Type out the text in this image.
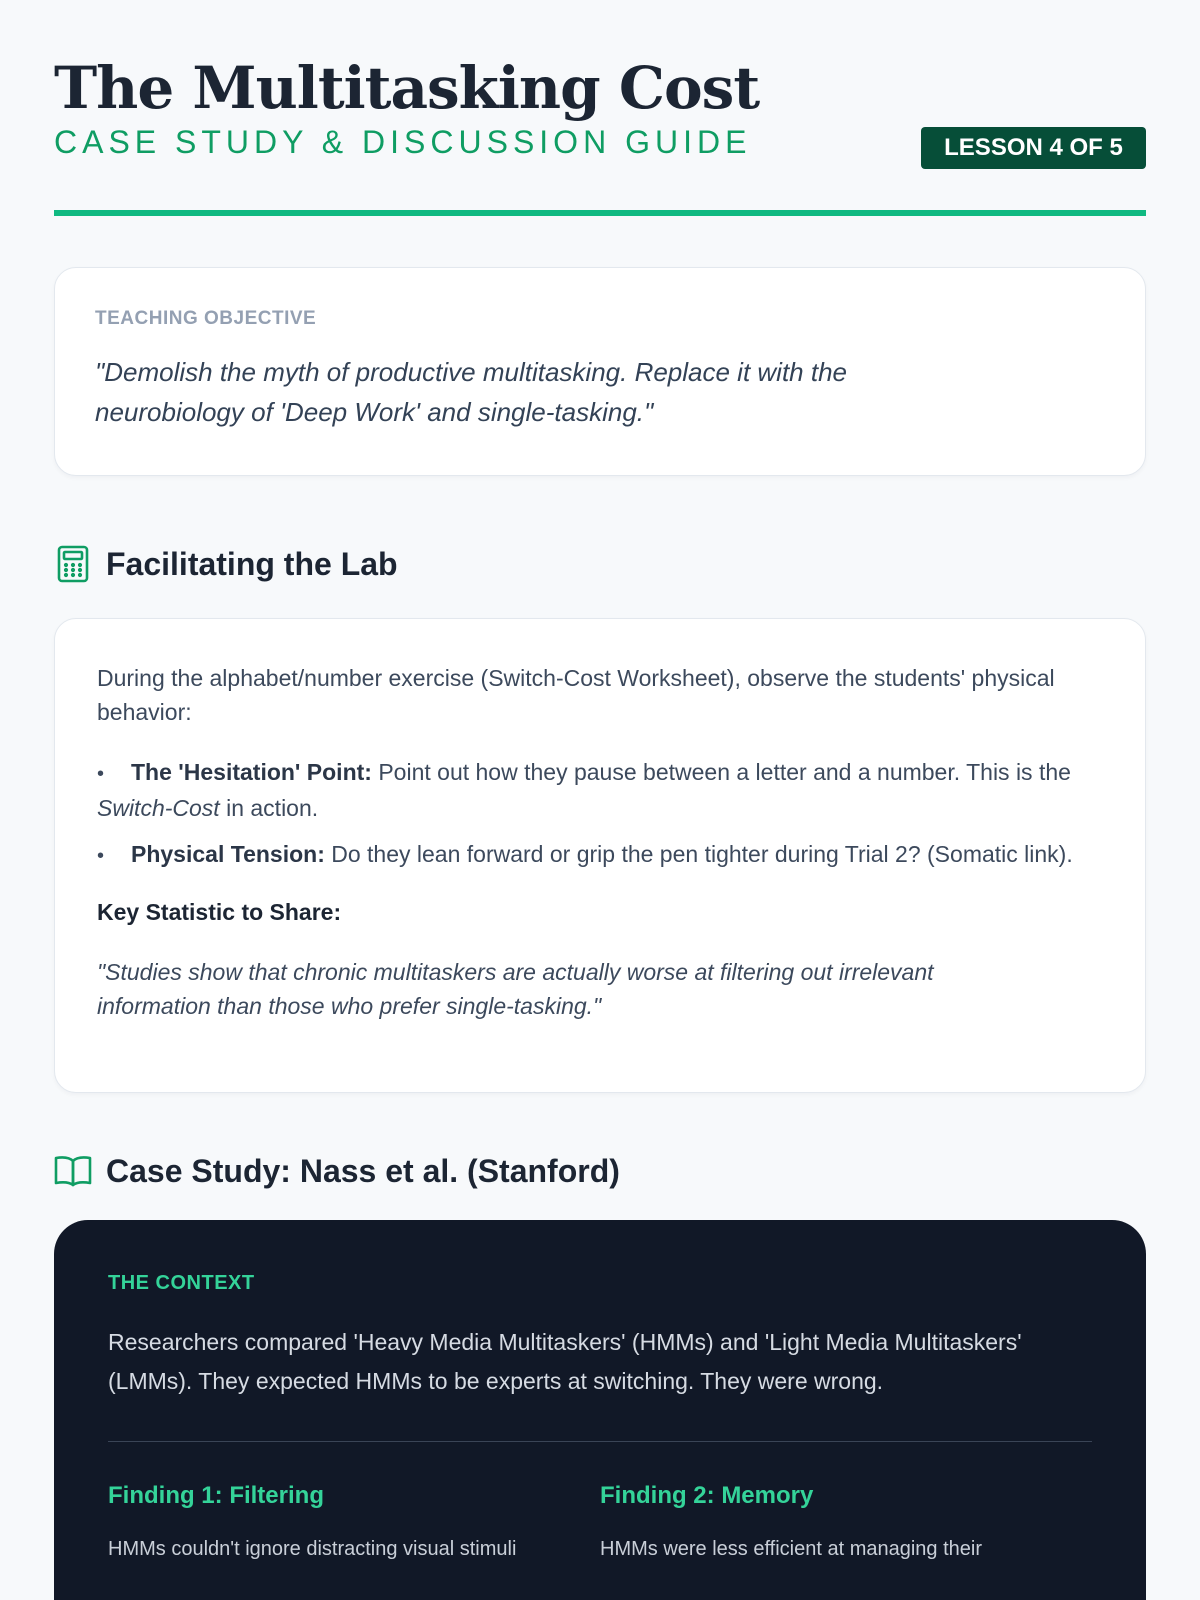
The Multitasking Cost
CASE STUDY & DISCUSSION GUIDE	LESSON 4 OF 5
TEACHING OBJECTIVE
"Demolish the myth of productive multitasking. Replace it with the neurobiology of 'Deep Work' and single-tasking."
Facilitating the Lab

During the alphabet/number exercise (Switch-Cost Worksheet), observe the students' physical behavior:

• The 'Hesitation' Point: Point out how they pause between a letter and a number. This is the Switch-Cost in action.
• Physical Tension: Do they lean forward or grip the pen tighter during Trial 2? (Somatic link).
Key Statistic to Share:
"Studies show that chronic multitaskers are actually worse at filtering out irrelevant information than those who prefer single-tasking."
Case Study: Nass et al. (Stanford)
THE CONTEXT
Researchers compared 'Heavy Media Multitaskers' (HMMs) and 'Light Media Multitaskers' (LMMs). They expected HMMs to be experts at switching. They were wrong.
Finding 1: Filtering

HMMs couldn't ignore distracting visual stimuli

Finding 2: Memory

HMMs were less efficient at managing their
